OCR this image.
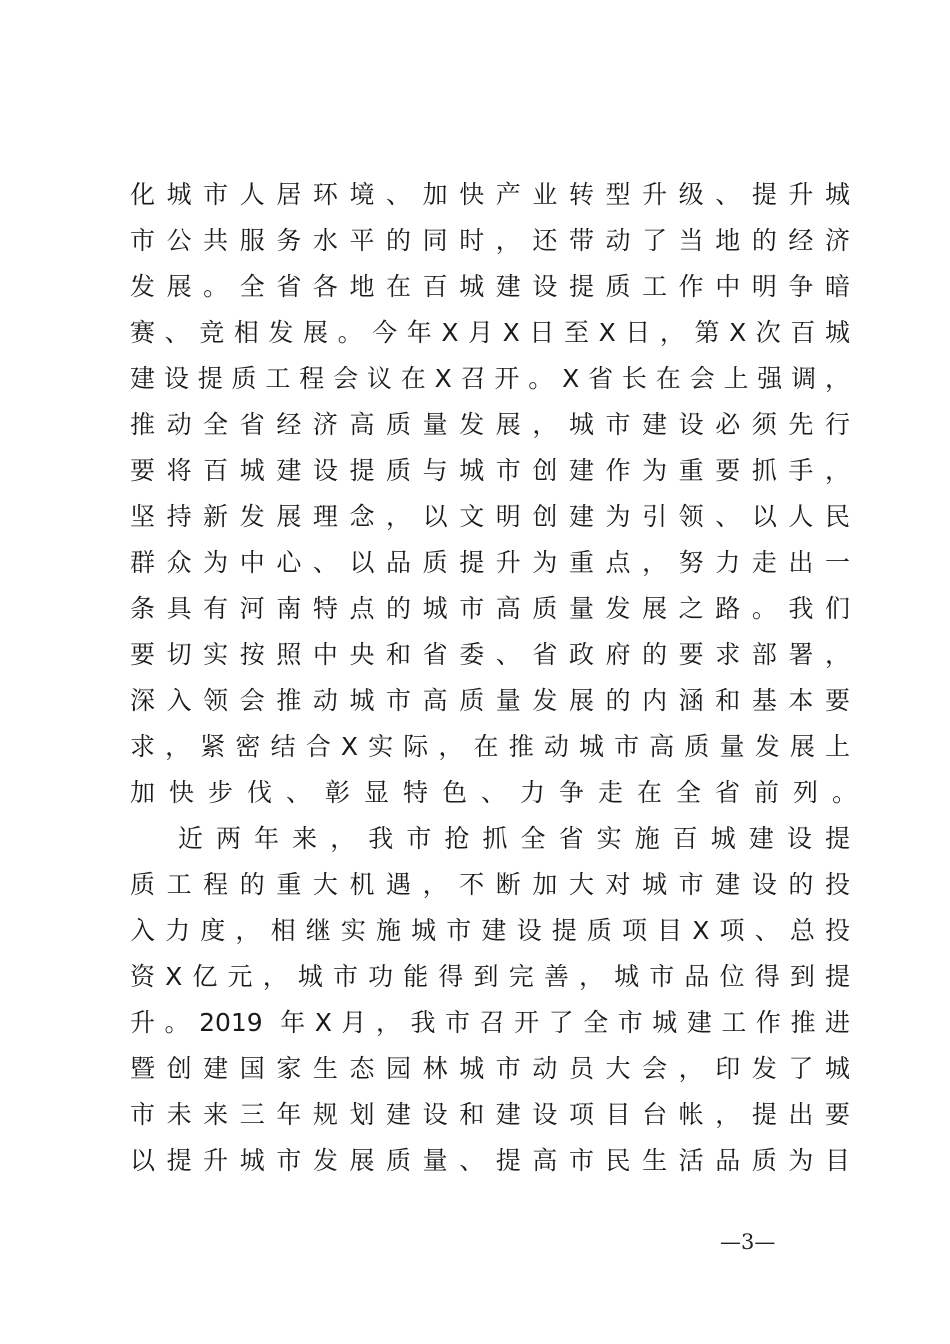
化城市人居环境、加快产业转型升级、提升城
市公共服务水平的同时，还带动了当地的经济
发展。全省各地在百城建设提质工作中明争暗
赛、竞相发展。今年X月X日至X日，第X次百城
建设提质工程会议在X召开。X省长在会上强调，
推动全省经济高质量发展，城市建设必须先行
要将百城建设提质与城市创建作为重要抓手，
坚持新发展理念，以文明创建为引领、以人民
群众为中心、以品质提升为重点，努力走出一
条具有河南特点的城市高质量发展之路。我们
要切实按照中央和省委、省政府的要求部署，
深入领会推动城市高质量发展的内涵和基本要
求，紧密结合X实际，在推动城市高质量发展上
加快步伐、彰显特色、力争走在全省前列。
近两年来，我市抢抓全省实施百城建设提
质工程的重大机遇，不断加大对城市建设的投
入力度，相继实施城市建设提质项目X项、总投
资X亿元，城市功能得到完善，城市品位得到提
升。2019 年X月，我市召开了全市城建工作推进
暨创建国家生态园林城市动员大会，印发了城
市未来三年规划建设和建设项目台帐，提出要
以提升城市发展质量、提高市民生活品质为目
—3—
